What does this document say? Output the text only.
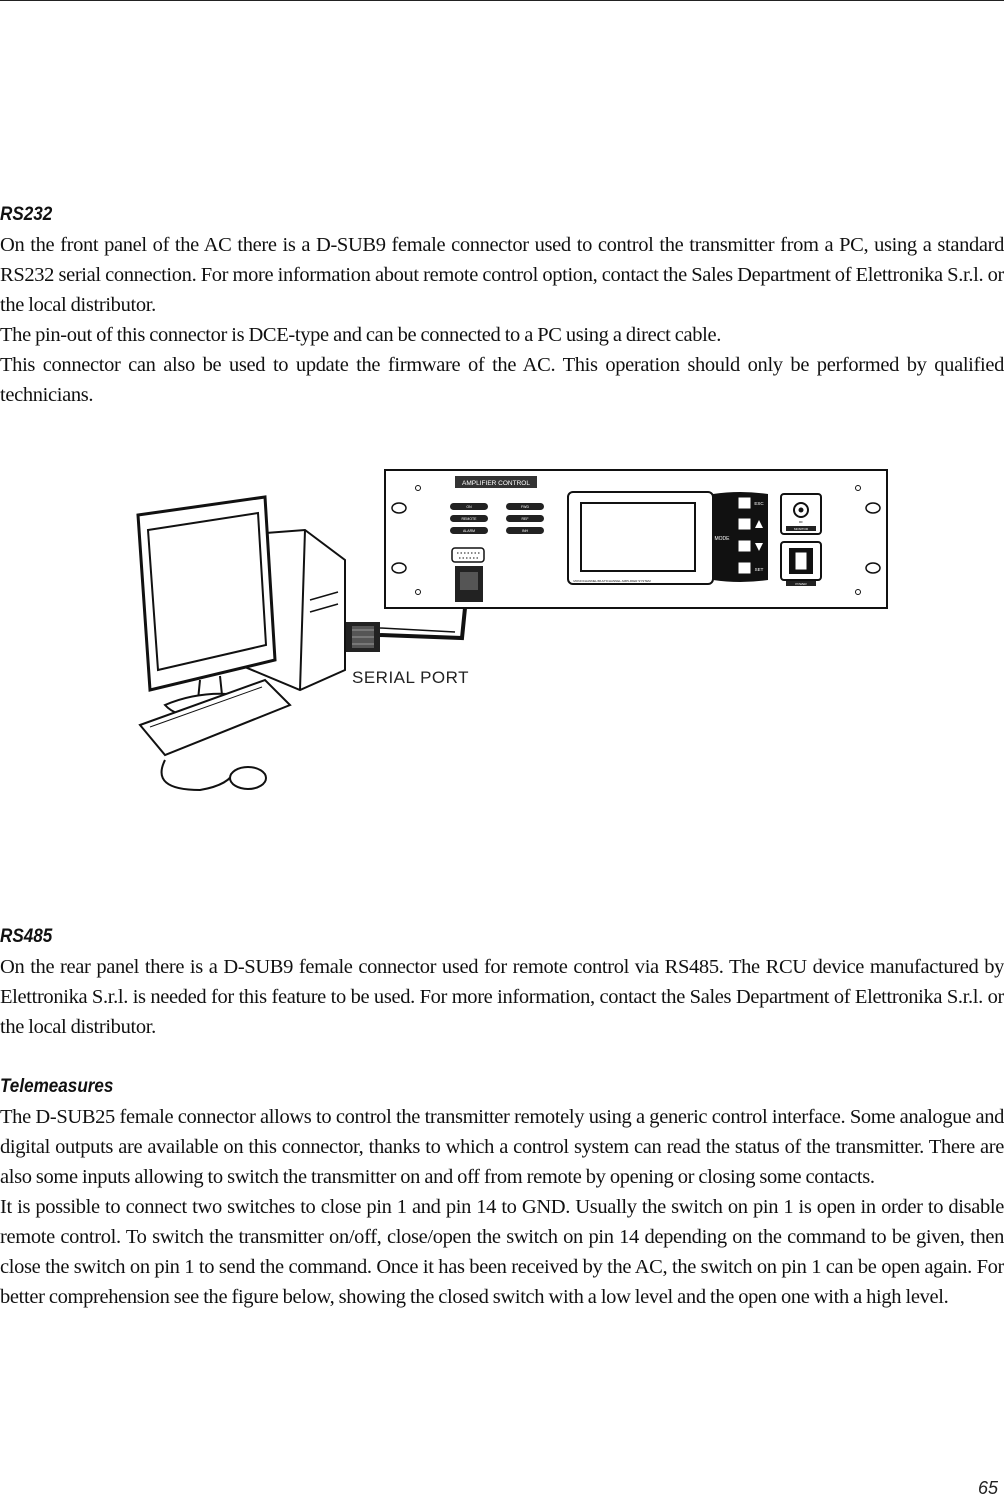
RS232

On the front panel of the AC there is a D-SUB9 female connector used to control the transmitter from a PC, using a standard RS232 serial connection. For more information about remote control option, contact the Sales Department of Elettronika S.r.l. or the local distributor.

The pin-out of this connector is DCE-type and can be connected to a PC using a direct cable.

This connector can also be used to update the firmware of the AC. This operation should only be performed by qualified technicians.

AMPLIFIER CONTROL
ON
REMOTE
ALARM
FWD
REF
INH
MONOCHANNEL/MULTICHANNEL AMPLIFIER SYSTEM
MODE
ESC
SET
RF
MONITOR
POWER
SERIAL PORT

RS485

On the rear panel there is a D-SUB9 female connector used for remote control via RS485. The RCU device manufactured by Elettronika S.r.l. is needed for this feature to be used. For more information, contact the Sales Department of Elettronika S.r.l. or the local distributor.

Telemeasures

The D-SUB25 female connector allows to control the transmitter remotely using a generic control interface. Some analogue and digital outputs are available on this connector, thanks to which a control system can read the status of the transmitter. There are also some inputs allowing to switch the transmitter on and off from remote by opening or closing some contacts.

It is possible to connect two switches to close pin 1 and pin 14 to GND. Usually the switch on pin 1 is open in order to disable remote control. To switch the transmitter on/off, close/open the switch on pin 14 depending on the command to be given, then close the switch on pin 1 to send the command. Once it has been received by the AC, the switch on pin 1 can be open again. For better comprehension see the figure below, showing the closed switch with a low level and the open one with a high level.

65
